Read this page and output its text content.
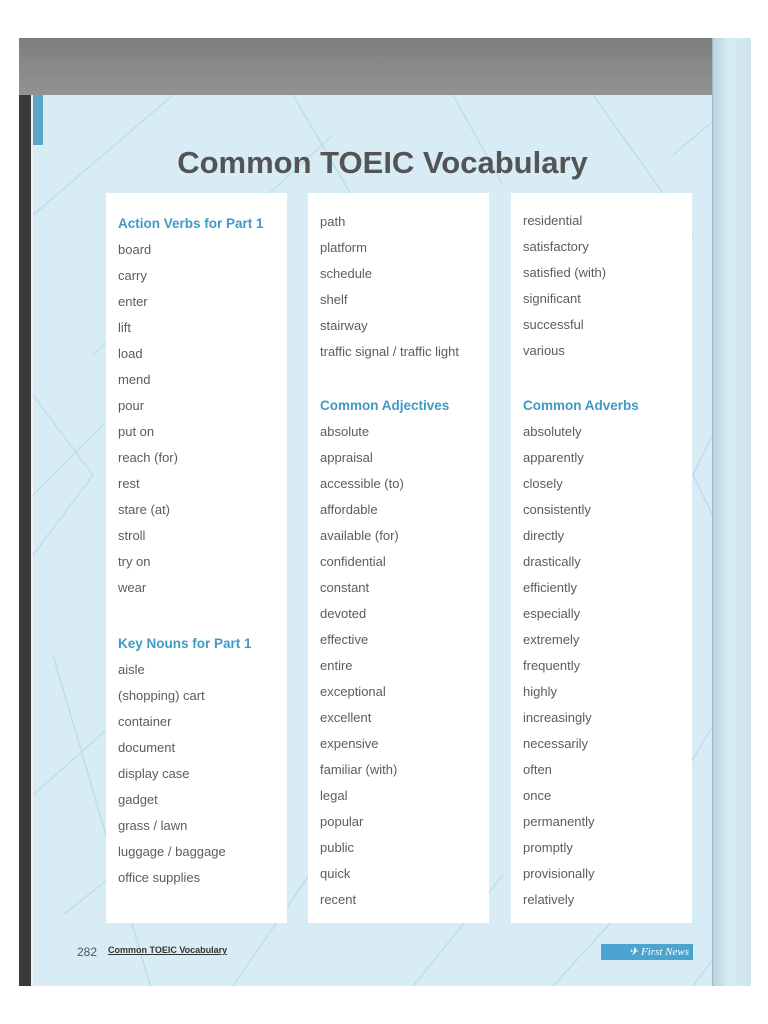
Common TOEIC Vocabulary
Action Verbs for Part 1
board
carry
enter
lift
load
mend
pour
put on
reach (for)
rest
stare (at)
stroll
try on
wear
Key Nouns for Part 1
aisle
(shopping) cart
container
document
display case
gadget
grass / lawn
luggage / baggage
office supplies
path
platform
schedule
shelf
stairway
traffic signal / traffic light
Common Adjectives
absolute
appraisal
accessible (to)
affordable
available (for)
confidential
constant
devoted
effective
entire
exceptional
excellent
expensive
familiar (with)
legal
popular
public
quick
recent
residential
satisfactory
satisfied (with)
significant
successful
various
Common Adverbs
absolutely
apparently
closely
consistently
directly
drastically
efficiently
especially
extremely
frequently
highly
increasingly
necessarily
often
once
permanently
promptly
provisionally
relatively
282 Common TOEIC Vocabulary	✈ First News
